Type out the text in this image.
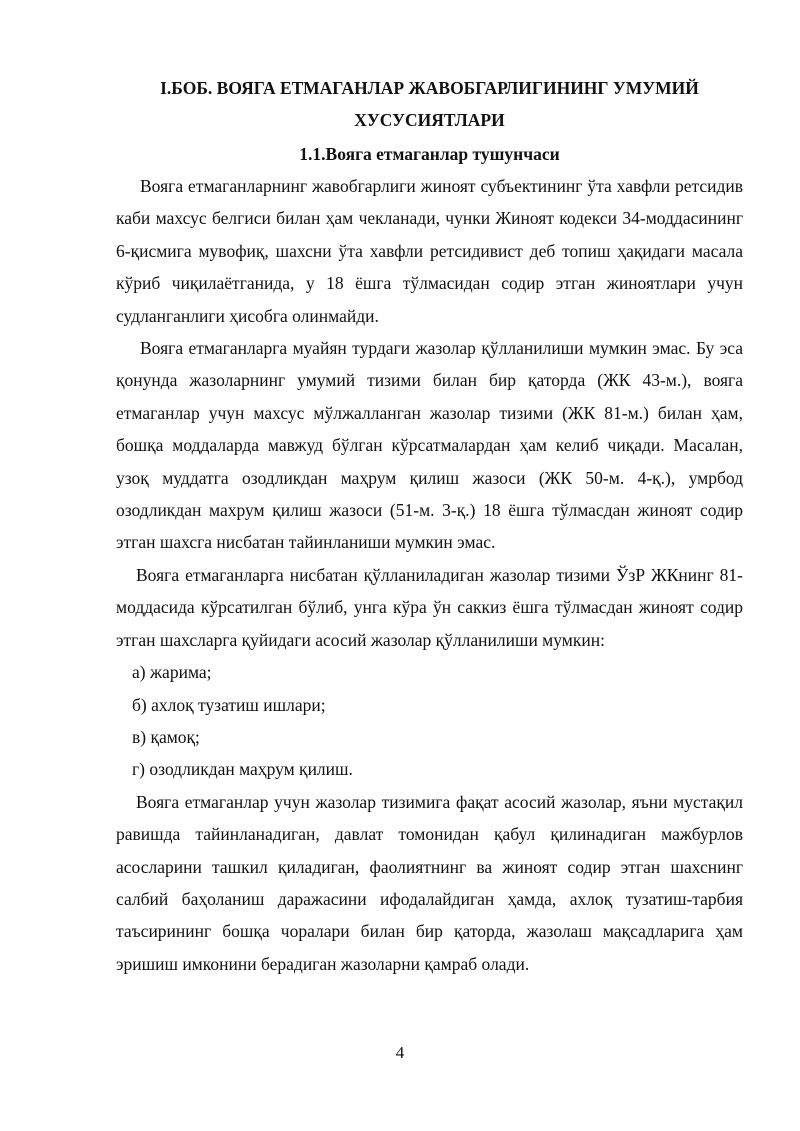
I.БОБ. ВОЯГА ЕТМАГАНЛАР ЖАВОБГАРЛИГИНИНГ УМУМИЙ
ХУСУСИЯТЛАРИ
1.1.Вояга етмаганлар тушунчаси

Вояга етмаганларнинг жавобгарлиги жиноят субъектининг ўта хавфли ретсидив каби махсус белгиси билан ҳам чекланади, чунки Жиноят кодекси 34-моддасининг 6-қисмига мувофиқ, шахсни ўта хавфли ретсидивист деб топиш ҳақидаги масала кўриб чиқилаётганида, у 18 ёшга тўлмасидан содир этган жиноятлари учун судланганлиги ҳисобга олинмайди.

Вояга етмаганларга муайян турдаги жазолар қўлланилиши мумкин эмас. Бу эса қонунда жазоларнинг умумий тизими билан бир қаторда (ЖК 43-м.), вояга етмаганлар учун махсус мўлжалланган жазолар тизими (ЖК 81-м.) билан ҳам, бошқа моддаларда мавжуд бўлган кўрсатмалардан ҳам келиб чиқади. Масалан, узоқ муддатга озодликдан маҳрум қилиш жазоси (ЖК 50-м. 4-қ.), умрбод озодликдан махрум қилиш жазоси (51-м. 3-қ.) 18 ёшга тўлмасдан жиноят содир этган шахсга нисбатан тайинланиши мумкин эмас.

Вояга етмаганларга нисбатан қўлланиладиган жазолар тизими ЎзР ЖКнинг 81-моддасида кўрсатилган бўлиб, унга кўра ўн саккиз ёшга тўлмасдан жиноят содир этган шахсларга қуйидаги асосий жазолар қўлланилиши мумкин:

а) жарима;
б) ахлоқ тузатиш ишлари;
в) қамоқ;
г) озодликдан маҳрум қилиш.

Вояга етмаганлар учун жазолар тизимига фақат асосий жазолар, яъни мустақил равишда тайинланадиган, давлат томонидан қабул қилинадиган мажбурлов асосларини ташкил қиладиган, фаолиятнинг ва жиноят содир этган шахснинг салбий баҳоланиш даражасини ифодалайдиган ҳамда, ахлоқ тузатиш-тарбия таъсирининг бошқа чоралари билан бир қаторда, жазолаш мақсадларига ҳам эришиш имконини берадиган жазоларни қамраб олади.

4
